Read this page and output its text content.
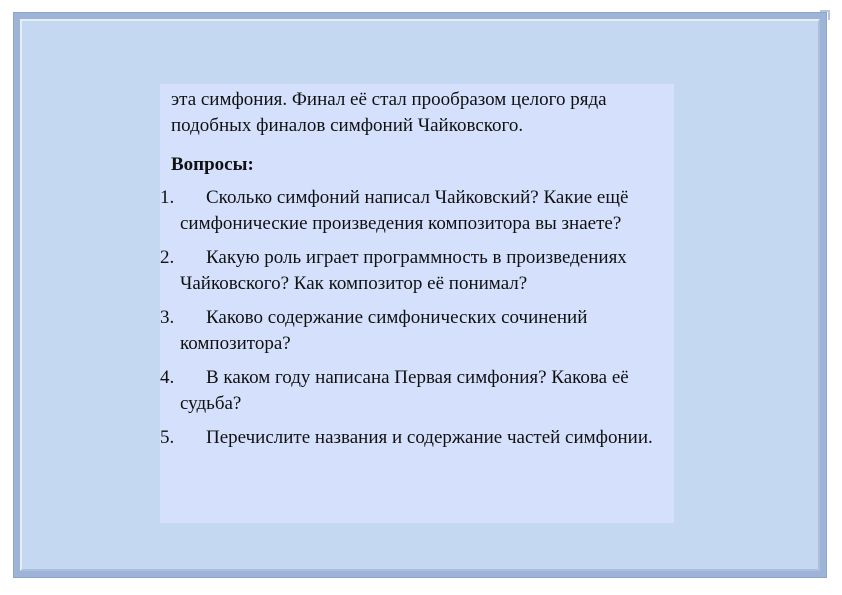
эта симфония. Финал её стал прообразом целого ряда подобных финалов симфоний Чайковского.

Вопросы:

1.	Сколько симфоний написал Чайковский? Какие ещё симфонические произведения композитора вы знаете?
2.	Какую роль играет программность в произведениях Чайковского? Как композитор её понимал?
3.	Каково содержание симфонических сочинений композитора?
4.	В каком году написана Первая симфония? Какова её судьба?
5.	Перечислите названия и содержание частей симфонии.
